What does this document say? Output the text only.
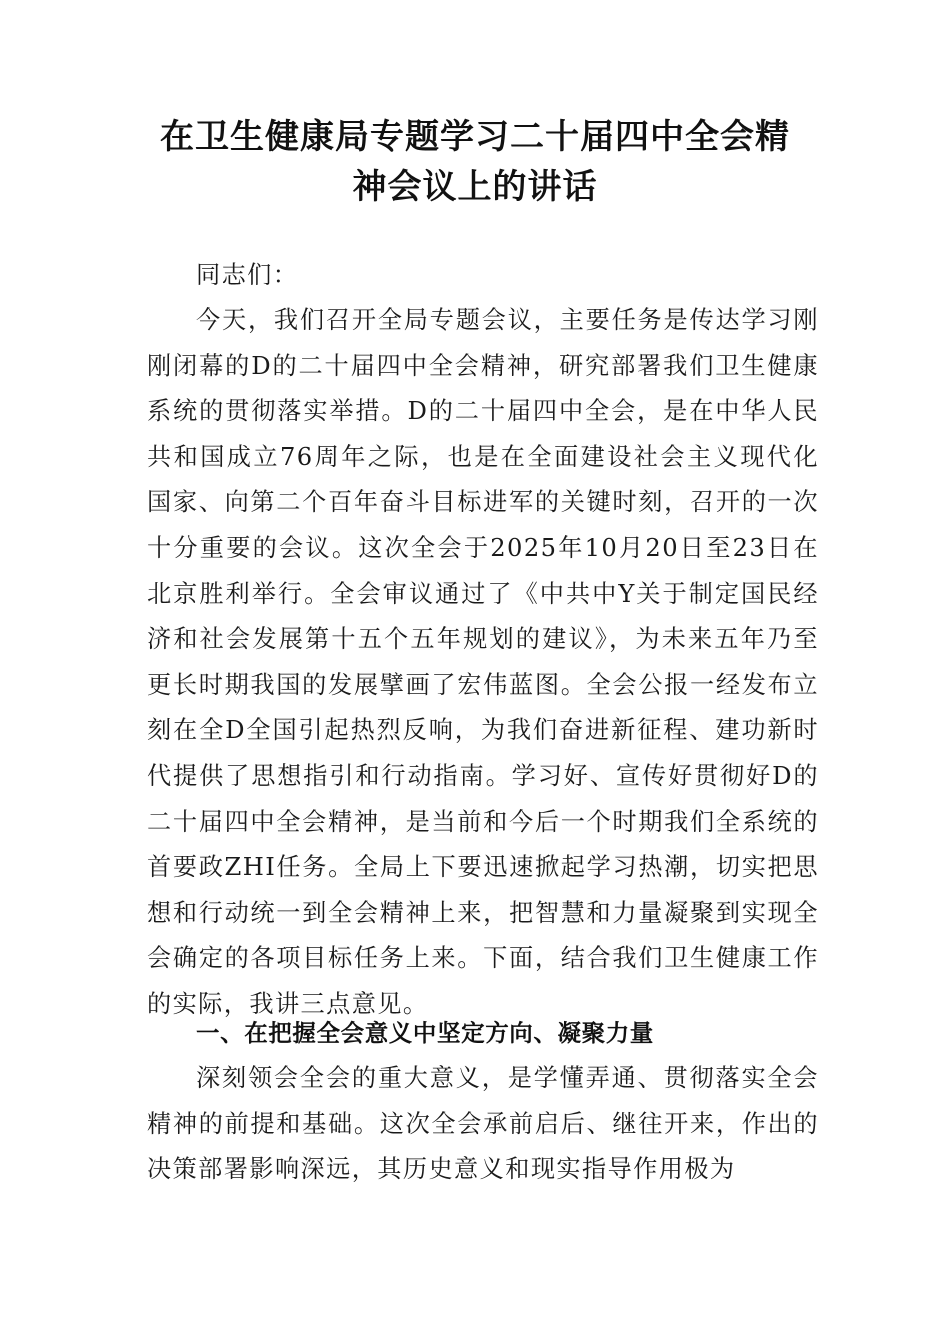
在卫生健康局专题学习二十届四中全会精
神会议上的讲话

同志们：

今天，我们召开全局专题会议，主要任务是传达学习刚刚闭幕的D的二十届四中全会精神，研究部署我们卫生健康系统的贯彻落实举措。D的二十届四中全会，是在中华人民共和国成立76周年之际，也是在全面建设社会主义现代化国家、向第二个百年奋斗目标进军的关键时刻，召开的一次十分重要的会议。这次全会于2025年10月20日至23日在北京胜利举行。全会审议通过了《中共中Y关于制定国民经济和社会发展第十五个五年规划的建议》，为未来五年乃至更长时期我国的发展擘画了宏伟蓝图。全会公报一经发布立刻在全D全国引起热烈反响，为我们奋进新征程、建功新时代提供了思想指引和行动指南。学习好、宣传好贯彻好D的二十届四中全会精神，是当前和今后一个时期我们全系统的首要政ZHI任务。全局上下要迅速掀起学习热潮，切实把思想和行动统一到全会精神上来，把智慧和力量凝聚到实现全会确定的各项目标任务上来。下面，结合我们卫生健康工作的实际，我讲三点意见。

一、在把握全会意义中坚定方向、凝聚力量

深刻领会全会的重大意义，是学懂弄通、贯彻落实全会精神的前提和基础。这次全会承前启后、继往开来，作出的决策部署影响深远，其历史意义和现实指导作用极为
